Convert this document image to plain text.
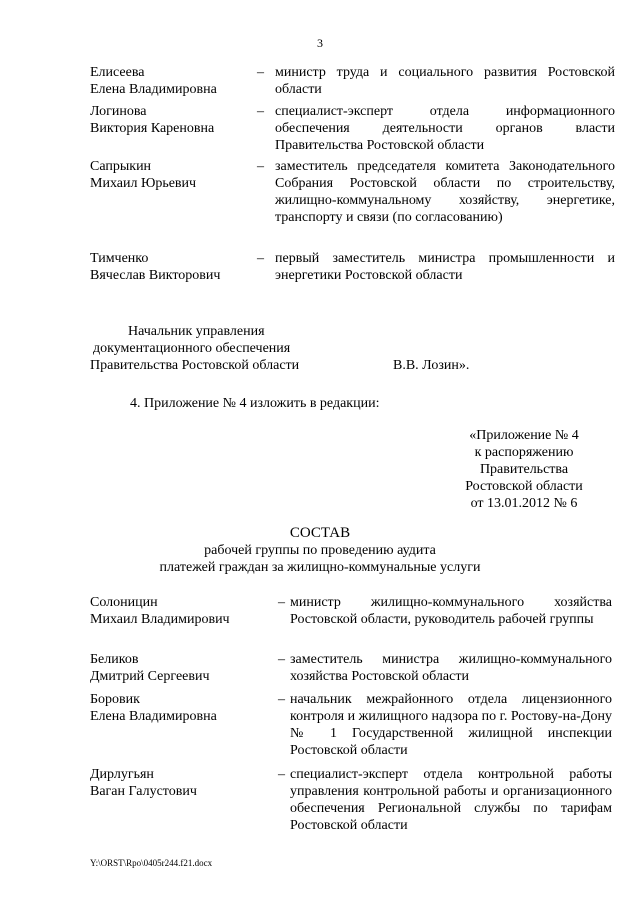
3
Елисеева
Елена Владимировна
– министр труда и социального развития Ростовской области
Логинова
Виктория Кареновна
– специалист-эксперт отдела информационного обеспечения деятельности органов власти Правительства Ростовской области
Сапрыкин
Михаил Юрьевич
– заместитель председателя комитета Законодательного Собрания Ростовской области по строительству, жилищно-коммунальному хозяйству, энергетике, транспорту и связи (по согласованию)
Тимченко
Вячеслав Викторович
– первый заместитель министра промышленности и энергетики Ростовской области
Начальник управления
документационного обеспечения
Правительства Ростовской области	В.В. Лозин».
4. Приложение № 4 изложить в редакции:
«Приложение № 4
к распоряжению
Правительства
Ростовской области
от 13.01.2012 № 6
СОСТАВ
рабочей группы по проведению аудита
платежей граждан за жилищно-коммунальные услуги
Солоницин
Михаил Владимирович
– министр жилищно-коммунального хозяйства Ростовской области, руководитель рабочей группы
Беликов
Дмитрий Сергеевич
– заместитель министра жилищно-коммунального хозяйства Ростовской области
Боровик
Елена Владимировна
– начальник межрайонного отдела лицензионного контроля и жилищного надзора по г. Ростову-на-Дону № 1 Государственной жилищной инспекции Ростовской области
Дирлугьян
Ваган Галустович
– специалист-эксперт отдела контрольной работы управления контрольной работы и организационного обеспечения Региональной службы по тарифам Ростовской области
Y:\ORST\Rpo\0405r244.f21.docx
